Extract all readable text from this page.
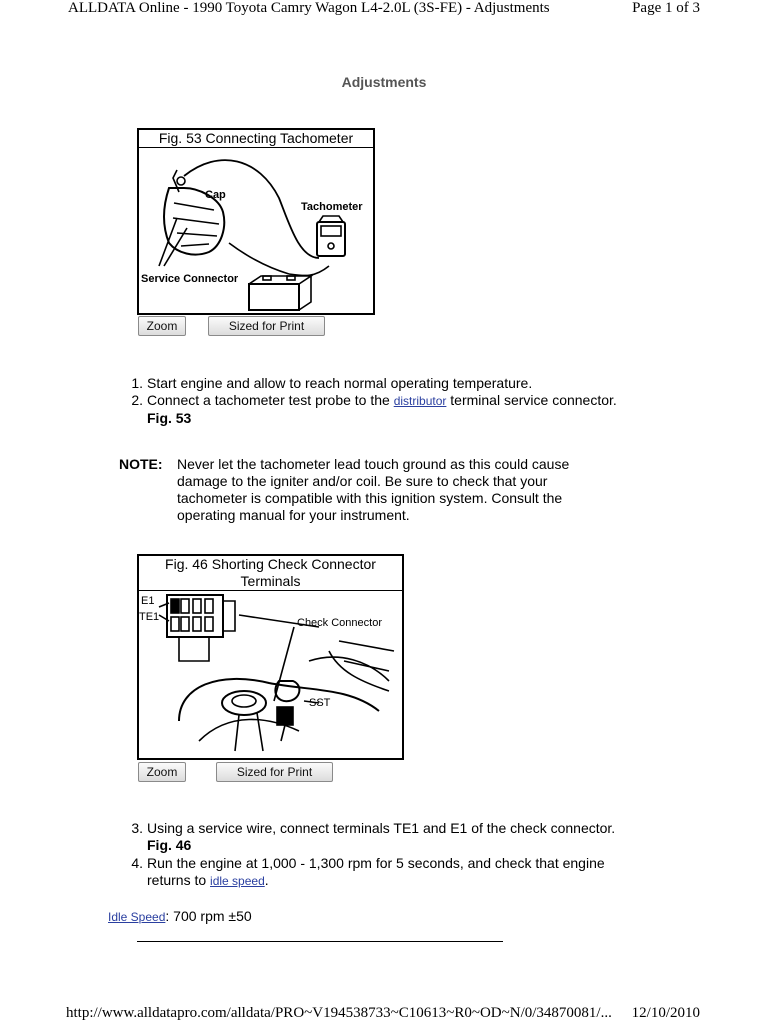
ALLDATA Online - 1990 Toyota Camry Wagon L4-2.0L (3S-FE) - Adjustments	Page 1 of 3
Adjustments
Fig. 53 Connecting Tachometer
Cap
Tachometer
Service Connector
Zoom	Sized for Print
1. Start engine and allow to reach normal operating temperature.
2. Connect a tachometer test probe to the distributor terminal service connector.
Fig. 53
NOTE: Never let the tachometer lead touch ground as this could cause damage to the igniter and/or coil. Be sure to check that your tachometer is compatible with this ignition system. Consult the operating manual for your instrument.
Fig. 46 Shorting Check Connector Terminals
E1
TE1	Check Connector
SST
Zoom	Sized for Print
3. Using a service wire, connect terminals TE1 and E1 of the check connector.
Fig. 46
4. Run the engine at 1,000 - 1,300 rpm for 5 seconds, and check that engine
returns to idle speed.
Idle Speed: 700 rpm ±50
http://www.alldatapro.com/alldata/PRO~V194538733~C10613~R0~OD~N/0/34870081/... 12/10/2010
